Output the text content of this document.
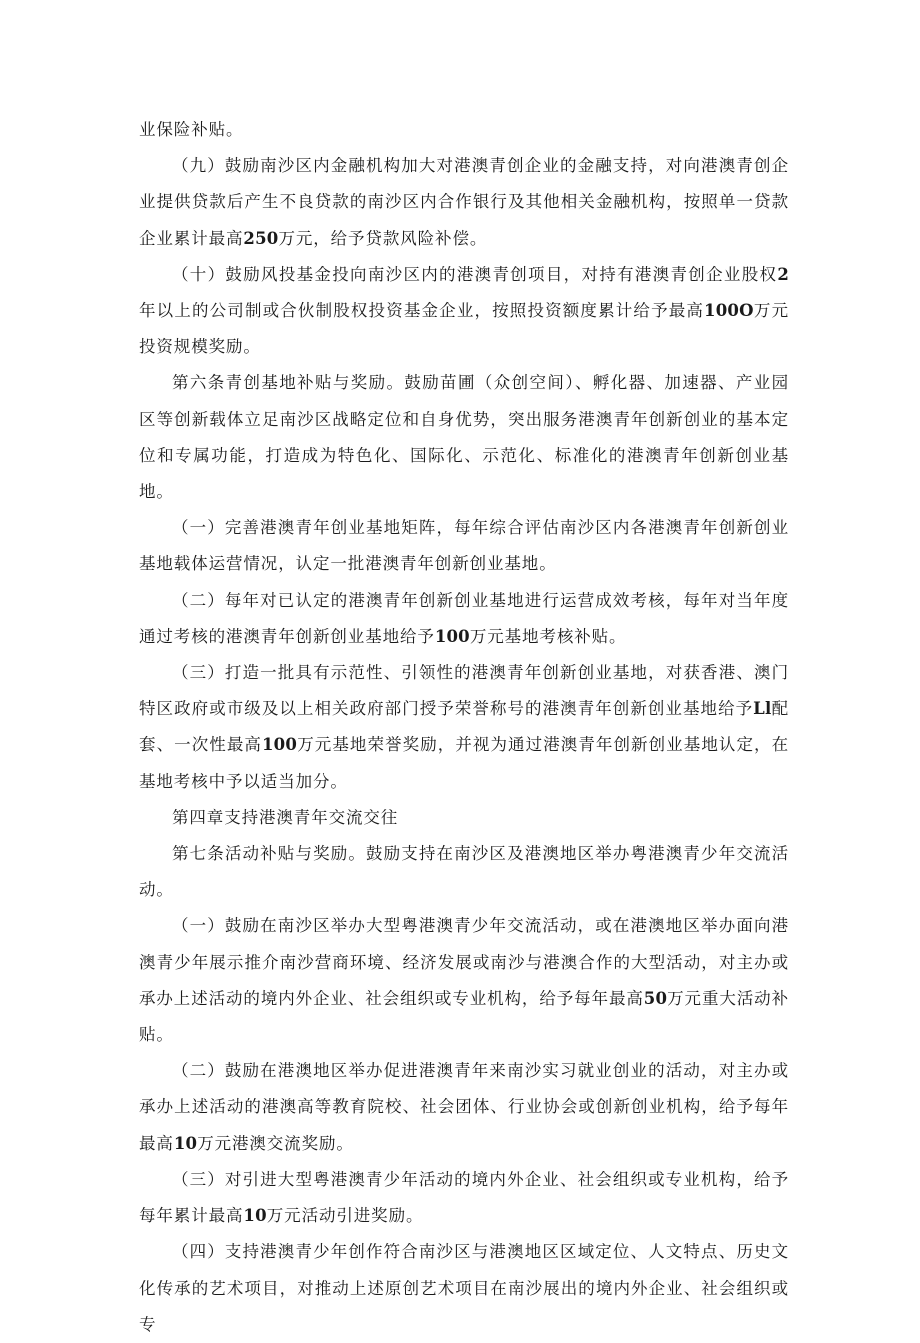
业保险补贴。

（九）鼓励南沙区内金融机构加大对港澳青创企业的金融支持，对向港澳青创企业提供贷款后产生不良贷款的南沙区内合作银行及其他相关金融机构，按照单一贷款企业累计最高250万元，给予贷款风险补偿。

（十）鼓励风投基金投向南沙区内的港澳青创项目，对持有港澳青创企业股权2年以上的公司制或合伙制股权投资基金企业，按照投资额度累计给予最高100O万元投资规模奖励。

第六条青创基地补贴与奖励。鼓励苗圃（众创空间）、孵化器、加速器、产业园区等创新载体立足南沙区战略定位和自身优势，突出服务港澳青年创新创业的基本定位和专属功能，打造成为特色化、国际化、示范化、标准化的港澳青年创新创业基地。

（一）完善港澳青年创业基地矩阵，每年综合评估南沙区内各港澳青年创新创业基地载体运营情况，认定一批港澳青年创新创业基地。

（二）每年对已认定的港澳青年创新创业基地进行运营成效考核，每年对当年度通过考核的港澳青年创新创业基地给予100万元基地考核补贴。

（三）打造一批具有示范性、引领性的港澳青年创新创业基地，对获香港、澳门特区政府或市级及以上相关政府部门授予荣誉称号的港澳青年创新创业基地给予Ll配套、一次性最高100万元基地荣誉奖励，并视为通过港澳青年创新创业基地认定，在基地考核中予以适当加分。

第四章支持港澳青年交流交往

第七条活动补贴与奖励。鼓励支持在南沙区及港澳地区举办粤港澳青少年交流活动。

（一）鼓励在南沙区举办大型粤港澳青少年交流活动，或在港澳地区举办面向港澳青少年展示推介南沙营商环境、经济发展或南沙与港澳合作的大型活动，对主办或承办上述活动的境内外企业、社会组织或专业机构，给予每年最高50万元重大活动补贴。

（二）鼓励在港澳地区举办促进港澳青年来南沙实习就业创业的活动，对主办或承办上述活动的港澳高等教育院校、社会团体、行业协会或创新创业机构，给予每年最高10万元港澳交流奖励。

（三）对引进大型粤港澳青少年活动的境内外企业、社会组织或专业机构，给予每年累计最高10万元活动引进奖励。

（四）支持港澳青少年创作符合南沙区与港澳地区区域定位、人文特点、历史文化传承的艺术项目，对推动上述原创艺术项目在南沙展出的境内外企业、社会组织或专
